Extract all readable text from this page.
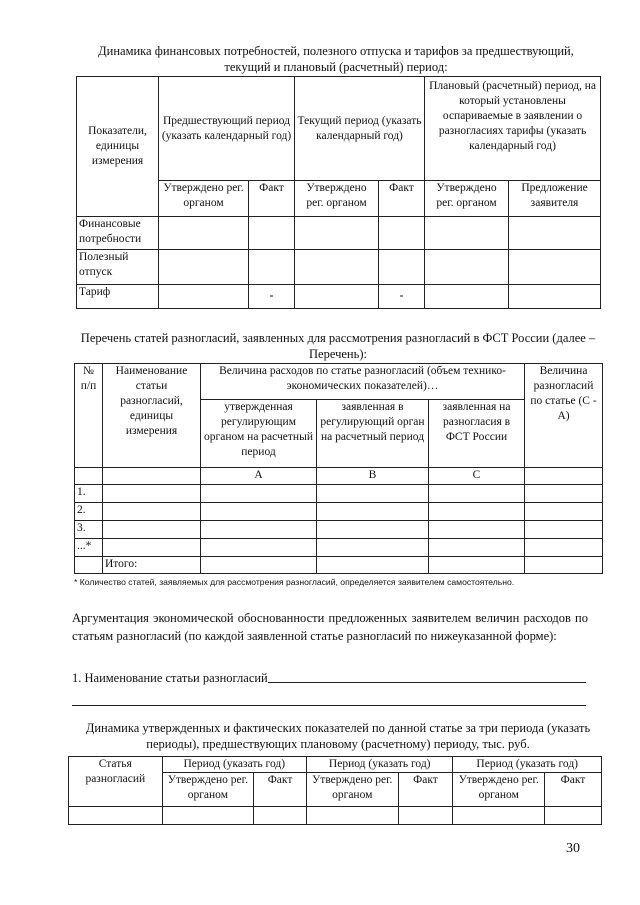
Динамика финансовых потребностей, полезного отпуска и тарифов за предшествующий, текущий и плановый (расчетный) период:
Показатели, единицы измерения	Предшествующий период (указать календарный год)		Текущий период (указать календарный год)		Плановый (расчетный) период, на который установлены оспариваемые в заявлении о разногласиях тарифы (указать календарный год)	
	Утверждено рег. органом	Факт	Утверждено рег. органом	Факт	Утверждено рег. органом	Предложение заявителя
Финансовые потребности						
Полезный отпуск						
Тариф		-		-		
Перечень статей разногласий, заявленных для рассмотрения разногласий в ФСТ России (далее – Перечень):
№ п/п	Наименование статьи разногласий, единицы измерения	Величина расходов по статье разногласий (объем технико-экономических показателей)…			Величина разногласий по статье (С - А)
		утвержденная регулирующим органом на расчетный период	заявленная в регулирующий орган на расчетный период	заявленная на разногласия в ФСТ России	
		A	B	C	
1.					
2.					
3.					
...*					
	Итого:				
* Количество статей, заявляемых для рассмотрения разногласий, определяется заявителем самостоятельно.
Аргументация экономической обоснованности предложенных заявителем величин расходов по статьям разногласий (по каждой заявленной статье разногласий по нижеуказанной форме):
1. Наименование статьи разногласий
Динамика утвержденных и фактических показателей по данной статье за три периода (указать периоды), предшествующих плановому (расчетному) периоду, тыс. руб.
Статья разногласий	Период (указать год)		Период (указать год)		Период (указать год)	
	Утверждено рег. органом	Факт	Утверждено рег. органом	Факт	Утверждено рег. органом	Факт

30
